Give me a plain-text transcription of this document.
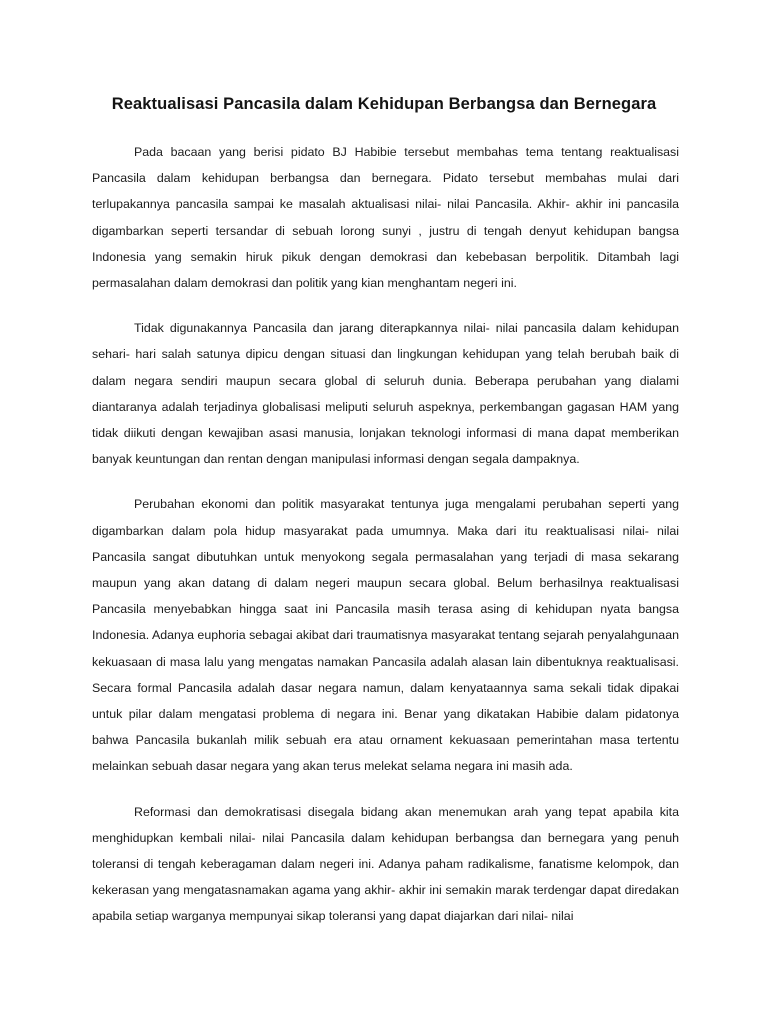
Reaktualisasi Pancasila dalam Kehidupan Berbangsa dan Bernegara

Pada bacaan yang berisi pidato BJ Habibie tersebut membahas tema tentang reaktualisasi Pancasila dalam kehidupan berbangsa dan bernegara. Pidato tersebut membahas mulai dari terlupakannya pancasila sampai ke masalah aktualisasi nilai- nilai Pancasila. Akhir- akhir ini pancasila digambarkan seperti tersandar di sebuah lorong sunyi , justru di tengah denyut kehidupan bangsa Indonesia yang semakin hiruk pikuk dengan demokrasi dan kebebasan berpolitik. Ditambah lagi permasalahan dalam demokrasi dan politik yang kian menghantam negeri ini.

Tidak digunakannya Pancasila dan jarang diterapkannya nilai- nilai pancasila dalam kehidupan sehari- hari salah satunya dipicu dengan situasi dan lingkungan kehidupan yang telah berubah baik di dalam negara sendiri maupun secara global di seluruh dunia. Beberapa perubahan yang dialami diantaranya adalah terjadinya globalisasi meliputi seluruh aspeknya, perkembangan gagasan HAM yang tidak diikuti dengan kewajiban asasi manusia, lonjakan teknologi informasi di mana dapat memberikan banyak keuntungan dan rentan dengan manipulasi informasi dengan segala dampaknya.

Perubahan ekonomi dan politik masyarakat tentunya juga mengalami perubahan seperti yang digambarkan dalam pola hidup masyarakat pada umumnya. Maka dari itu reaktualisasi nilai- nilai Pancasila sangat dibutuhkan untuk menyokong segala permasalahan yang terjadi di masa sekarang maupun yang akan datang di dalam negeri maupun secara global. Belum berhasilnya reaktualisasi Pancasila menyebabkan hingga saat ini Pancasila masih terasa asing di kehidupan nyata bangsa Indonesia. Adanya euphoria sebagai akibat dari traumatisnya masyarakat tentang sejarah penyalahgunaan kekuasaan di masa lalu yang mengatas namakan Pancasila adalah alasan lain dibentuknya reaktualisasi. Secara formal Pancasila adalah dasar negara namun, dalam kenyataannya sama sekali tidak dipakai untuk pilar dalam mengatasi problema di negara ini. Benar yang dikatakan Habibie dalam pidatonya bahwa Pancasila bukanlah milik sebuah era atau ornament kekuasaan pemerintahan masa tertentu melainkan sebuah dasar negara yang akan terus melekat selama negara ini masih ada.

Reformasi dan demokratisasi disegala bidang akan menemukan arah yang tepat apabila kita menghidupkan kembali nilai- nilai Pancasila dalam kehidupan berbangsa dan bernegara yang penuh toleransi di tengah keberagaman dalam negeri ini. Adanya paham radikalisme, fanatisme kelompok, dan kekerasan yang mengatasnamakan agama yang akhir- akhir ini semakin marak terdengar dapat diredakan apabila setiap warganya mempunyai sikap toleransi yang dapat diajarkan dari nilai- nilai
